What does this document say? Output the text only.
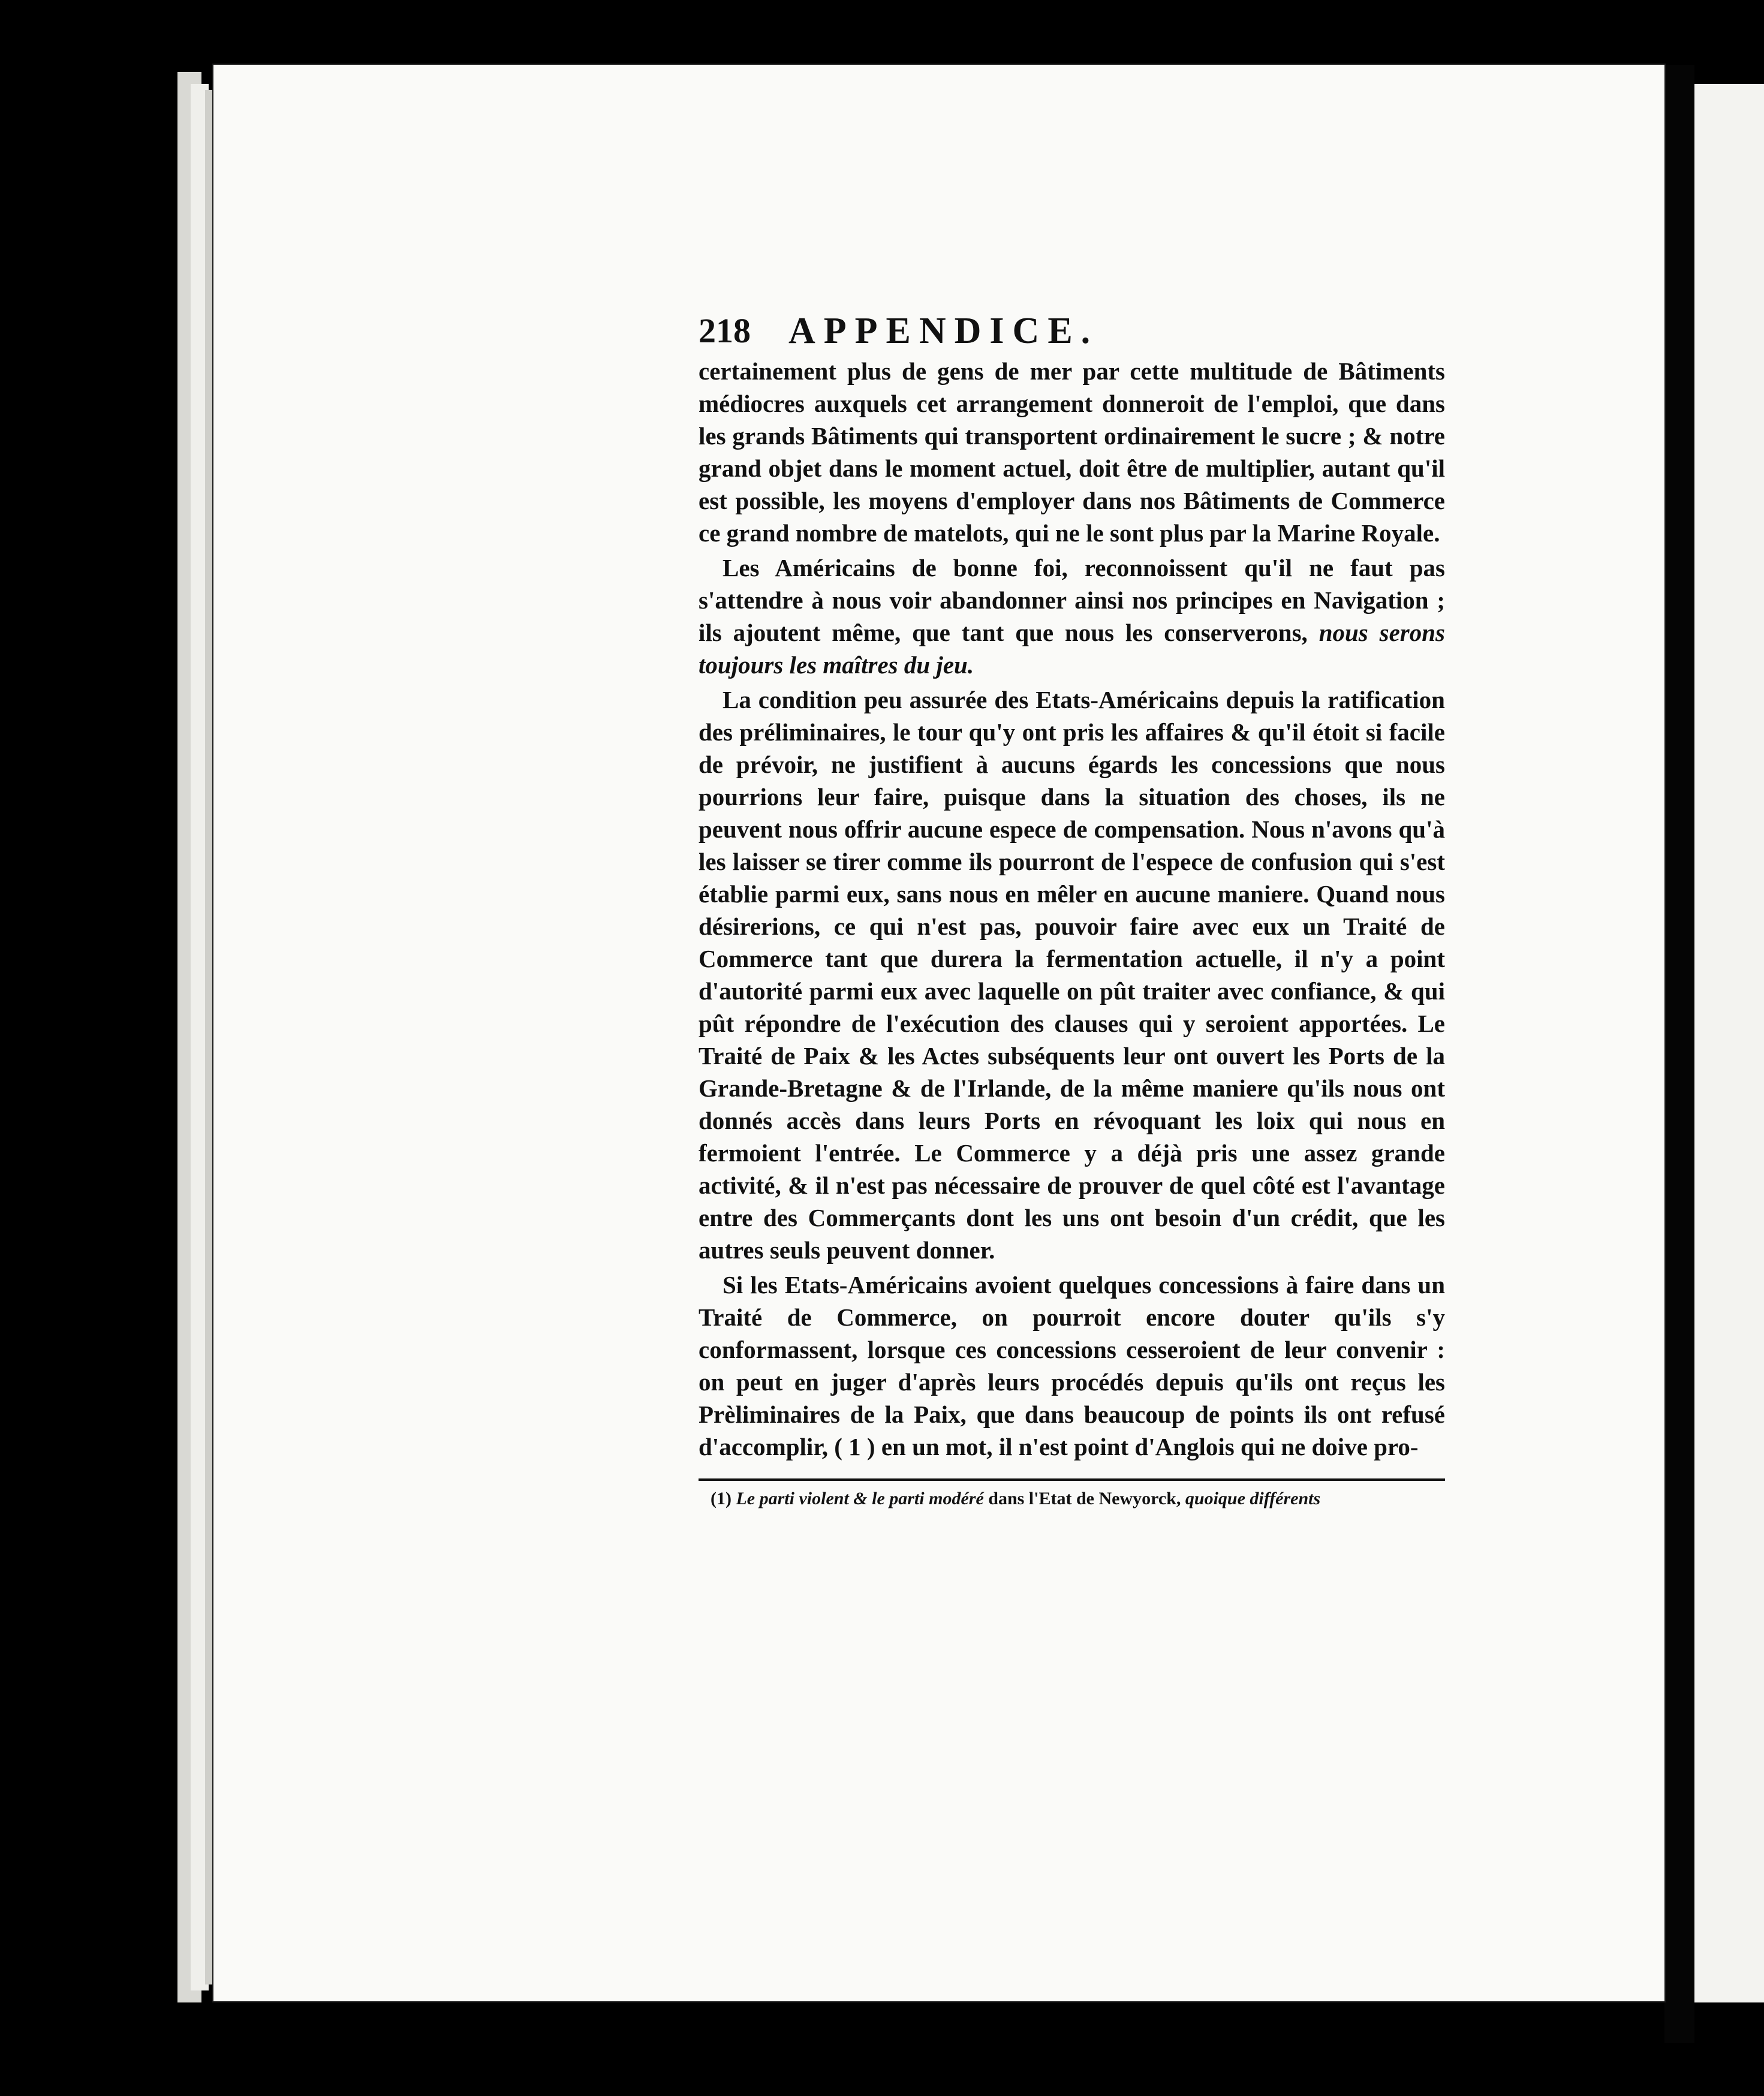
218 APPENDICE.

certainement plus de gens de mer par cette multitude de Bâtiments médiocres auxquels cet arrangement donneroit de l'emploi, que dans les grands Bâtiments qui transportent ordinairement le sucre ; & notre grand objet dans le moment actuel, doit être de multiplier, autant qu'il est possible, les moyens d'employer dans nos Bâtiments de Commerce ce grand nombre de matelots, qui ne le sont plus par la Marine Royale.

Les Américains de bonne foi, reconnoissent qu'il ne faut pas s'attendre à nous voir abandonner ainsi nos principes en Navigation ; ils ajoutent même, que tant que nous les conserverons, nous serons toujours les maîtres du jeu.

La condition peu assurée des Etats-Américains depuis la ratification des préliminaires, le tour qu'y ont pris les affaires & qu'il étoit si facile de prévoir, ne justifient à aucuns égards les concessions que nous pourrions leur faire, puisque dans la situation des choses, ils ne peuvent nous offrir aucune espece de compensation. Nous n'avons qu'à les laisser se tirer comme ils pourront de l'espece de confusion qui s'est établie parmi eux, sans nous en mêler en aucune maniere. Quand nous désirerions, ce qui n'est pas, pouvoir faire avec eux un Traité de Commerce tant que durera la fermentation actuelle, il n'y a point d'autorité parmi eux avec laquelle on pût traiter avec confiance, & qui pût répondre de l'exécution des clauses qui y seroient apportées. Le Traité de Paix & les Actes subséquents leur ont ouvert les Ports de la Grande-Bretagne & de l'Irlande, de la même maniere qu'ils nous ont donnés accès dans leurs Ports en révoquant les loix qui nous en fermoient l'entrée. Le Commerce y a déjà pris une assez grande activité, & il n'est pas nécessaire de prouver de quel côté est l'avantage entre des Commerçants dont les uns ont besoin d'un crédit, que les autres seuls peuvent donner.

Si les Etats-Américains avoient quelques concessions à faire dans un Traité de Commerce, on pourroit encore douter qu'ils s'y conformassent, lorsque ces concessions cesseroient de leur convenir : on peut en juger d'après leurs procédés depuis qu'ils ont reçus les Prèliminaires de la Paix, que dans beaucoup de points ils ont refusé d'accomplir, ( 1 ) en un mot, il n'est point d'Anglois qui ne doive pro-

(1) Le parti violent & le parti modéré dans l'Etat de Newyorck, quoique différents
